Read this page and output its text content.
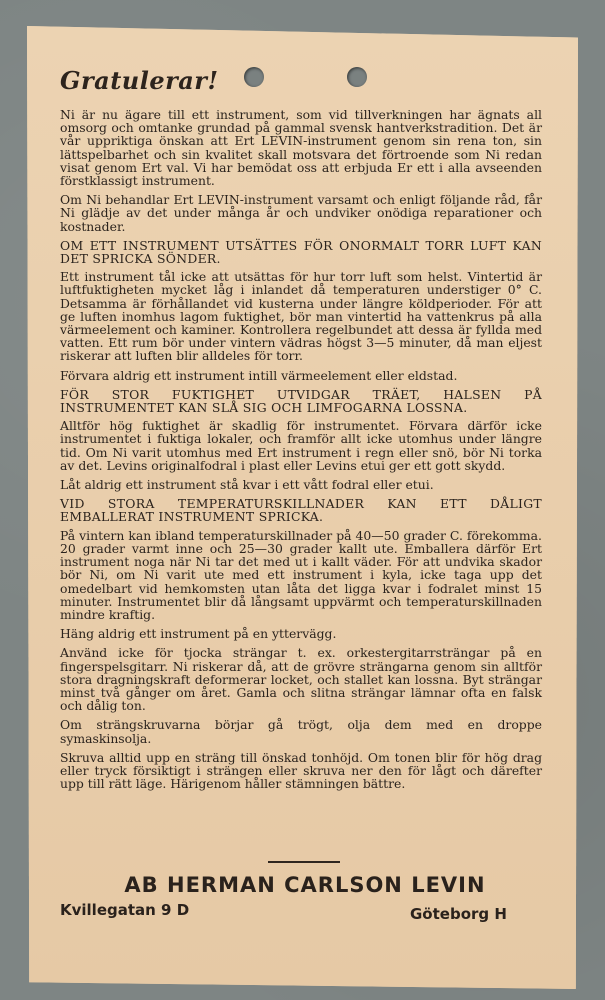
Gratulerar!

Ni är nu ägare till ett instrument, som vid tillverkningen har ägnats all omsorg och omtanke grundad på gammal svensk hantverkstradition. Det är vår uppriktiga önskan att Ert LEVIN-instrument genom sin rena ton, sin lättspelbarhet och sin kvalitet skall motsvara det förtroende som Ni redan visat genom Ert val. Vi har bemödat oss att erbjuda Er ett i alla avseenden förstklassigt instrument.

Om Ni behandlar Ert LEVIN-instrument varsamt och enligt följande råd, får Ni glädje av det under många år och undviker onödiga reparationer och kostnader.

OM ETT INSTRUMENT UTSÄTTES FÖR ONORMALT TORR LUFT KAN DET SPRICKA SÖNDER.

Ett instrument tål icke att utsättas för hur torr luft som helst. Vintertid är luftfuktigheten mycket låg i inlandet då temperaturen understiger 0° C. Detsamma är förhållandet vid kusterna under längre köldperioder. För att ge luften inomhus lagom fuktighet, bör man vintertid ha vattenkrus på alla värmeelement och kaminer. Kontrollera regelbundet att dessa är fyllda med vatten. Ett rum bör under vintern vädras högst 3—5 minuter, då man eljest riskerar att luften blir alldeles för torr.

Förvara aldrig ett instrument intill värmeelement eller eldstad.

FÖR STOR FUKTIGHET UTVIDGAR TRÄET, HALSEN PÅ INSTRUMENTET KAN SLÅ SIG OCH LIMFOGARNA LOSSNA.

Alltför hög fuktighet är skadlig för instrumentet. Förvara därför icke instrumentet i fuktiga lokaler, och framför allt icke utomhus under längre tid. Om Ni varit utomhus med Ert instrument i regn eller snö, bör Ni torka av det. Levins originalfodral i plast eller Levins etui ger ett gott skydd.

Låt aldrig ett instrument stå kvar i ett vått fodral eller etui.

VID STORA TEMPERATURSKILLNADER KAN ETT DÅLIGT EMBALLERAT INSTRUMENT SPRICKA.

På vintern kan ibland temperaturskillnader på 40—50 grader C. förekomma. 20 grader varmt inne och 25—30 grader kallt ute. Emballera därför Ert instrument noga när Ni tar det med ut i kallt väder. För att undvika skador bör Ni, om Ni varit ute med ett instrument i kyla, icke taga upp det omedelbart vid hemkomsten utan låta det ligga kvar i fodralet minst 15 minuter. Instrumentet blir då långsamt uppvärmt och temperaturskillnaden mindre kraftig.

Häng aldrig ett instrument på en yttervägg.

Använd icke för tjocka strängar t. ex. orkestergitarrsträngar på en fingerspelsgitarr. Ni riskerar då, att de grövre strängarna genom sin alltför stora dragningskraft deformerar locket, och stallet kan lossna. Byt strängar minst två gånger om året. Gamla och slitna strängar lämnar ofta en falsk och dålig ton.

Om strängskruvarna börjar gå trögt, olja dem med en droppe symaskinsolja.

Skruva alltid upp en sträng till önskad tonhöjd. Om tonen blir för hög drag eller tryck försiktigt i strängen eller skruva ner den för lågt och därefter upp till rätt läge. Härigenom håller stämningen bättre.

AB HERMAN CARLSON LEVIN
Kvillegatan 9 D	Göteborg H
